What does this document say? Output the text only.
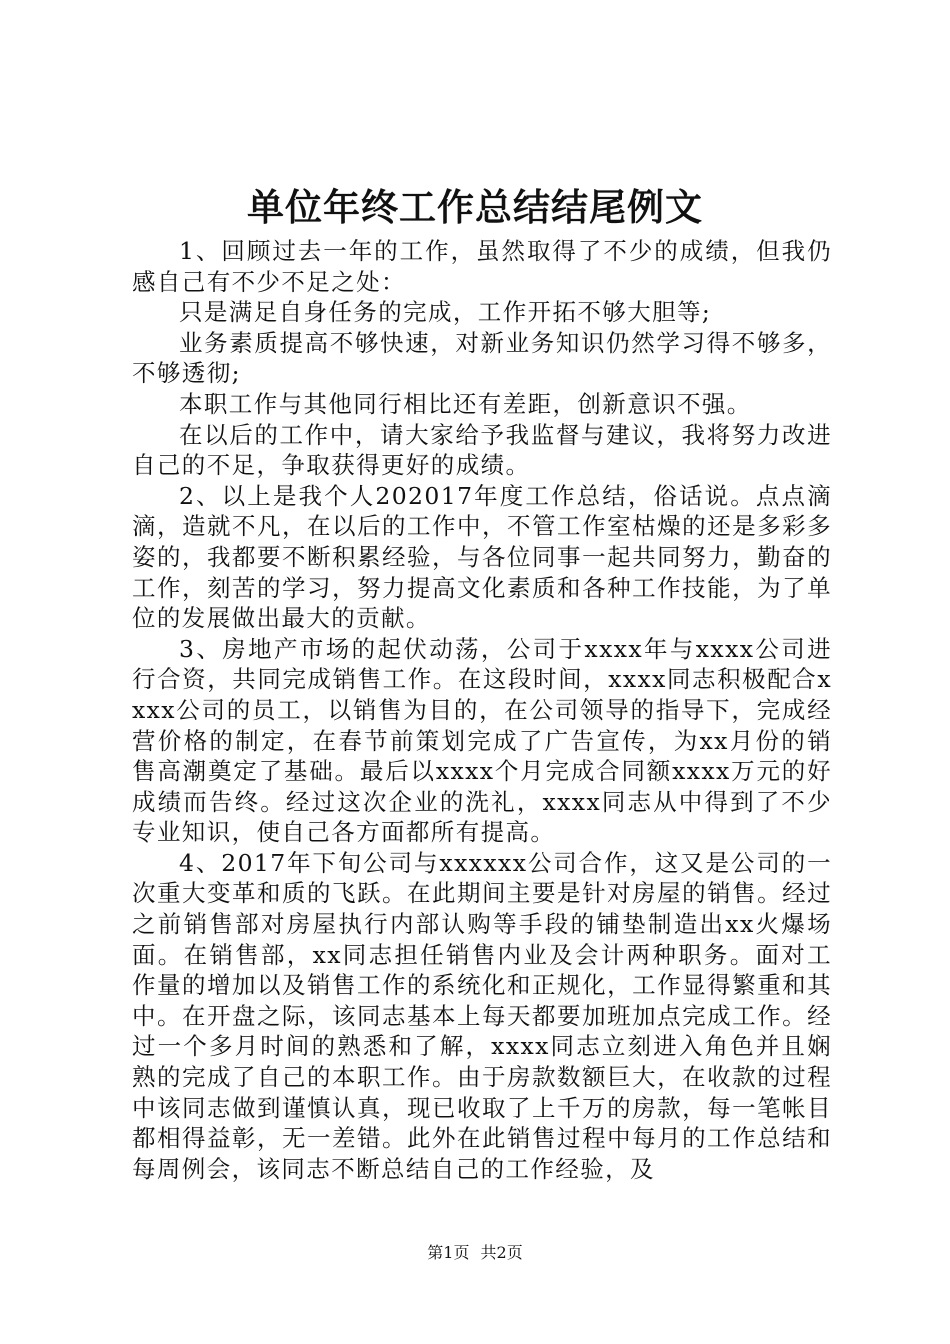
单位年终工作总结结尾例文

1、回顾过去一年的工作，虽然取得了不少的成绩，但我仍感自己有不少不足之处：

只是满足自身任务的完成，工作开拓不够大胆等;

业务素质提高不够快速，对新业务知识仍然学习得不够多，不够透彻;

本职工作与其他同行相比还有差距，创新意识不强。

在以后的工作中，请大家给予我监督与建议，我将努力改进自己的不足，争取获得更好的成绩。

2、以上是我个人202017年度工作总结，俗话说。点点滴滴，造就不凡，在以后的工作中，不管工作室枯燥的还是多彩多姿的，我都要不断积累经验，与各位同事一起共同努力，勤奋的工作，刻苦的学习，努力提高文化素质和各种工作技能，为了单位的发展做出最大的贡献。

3、房地产市场的起伏动荡，公司于xxxx年与xxxx公司进行合资，共同完成销售工作。在这段时间，xxxx同志积极配合xxxx公司的员工，以销售为目的，在公司领导的指导下，完成经营价格的制定，在春节前策划完成了广告宣传，为xx月份的销售高潮奠定了基础。最后以xxxx个月完成合同额xxxx万元的好成绩而告终。经过这次企业的洗礼，xxxx同志从中得到了不少专业知识，使自己各方面都所有提高。

4、2017年下旬公司与xxxxxx公司合作，这又是公司的一次重大变革和质的飞跃。在此期间主要是针对房屋的销售。经过之前销售部对房屋执行内部认购等手段的铺垫制造出xx火爆场面。在销售部，xx同志担任销售内业及会计两种职务。面对工作量的增加以及销售工作的系统化和正规化，工作显得繁重和其中。在开盘之际，该同志基本上每天都要加班加点完成工作。经过一个多月时间的熟悉和了解，xxxx同志立刻进入角色并且娴熟的完成了自己的本职工作。由于房款数额巨大，在收款的过程中该同志做到谨慎认真，现已收取了上千万的房款，每一笔帐目都相得益彰，无一差错。此外在此销售过程中每月的工作总结和每周例会，该同志不断总结自己的工作经验，及

第1页 共2页
